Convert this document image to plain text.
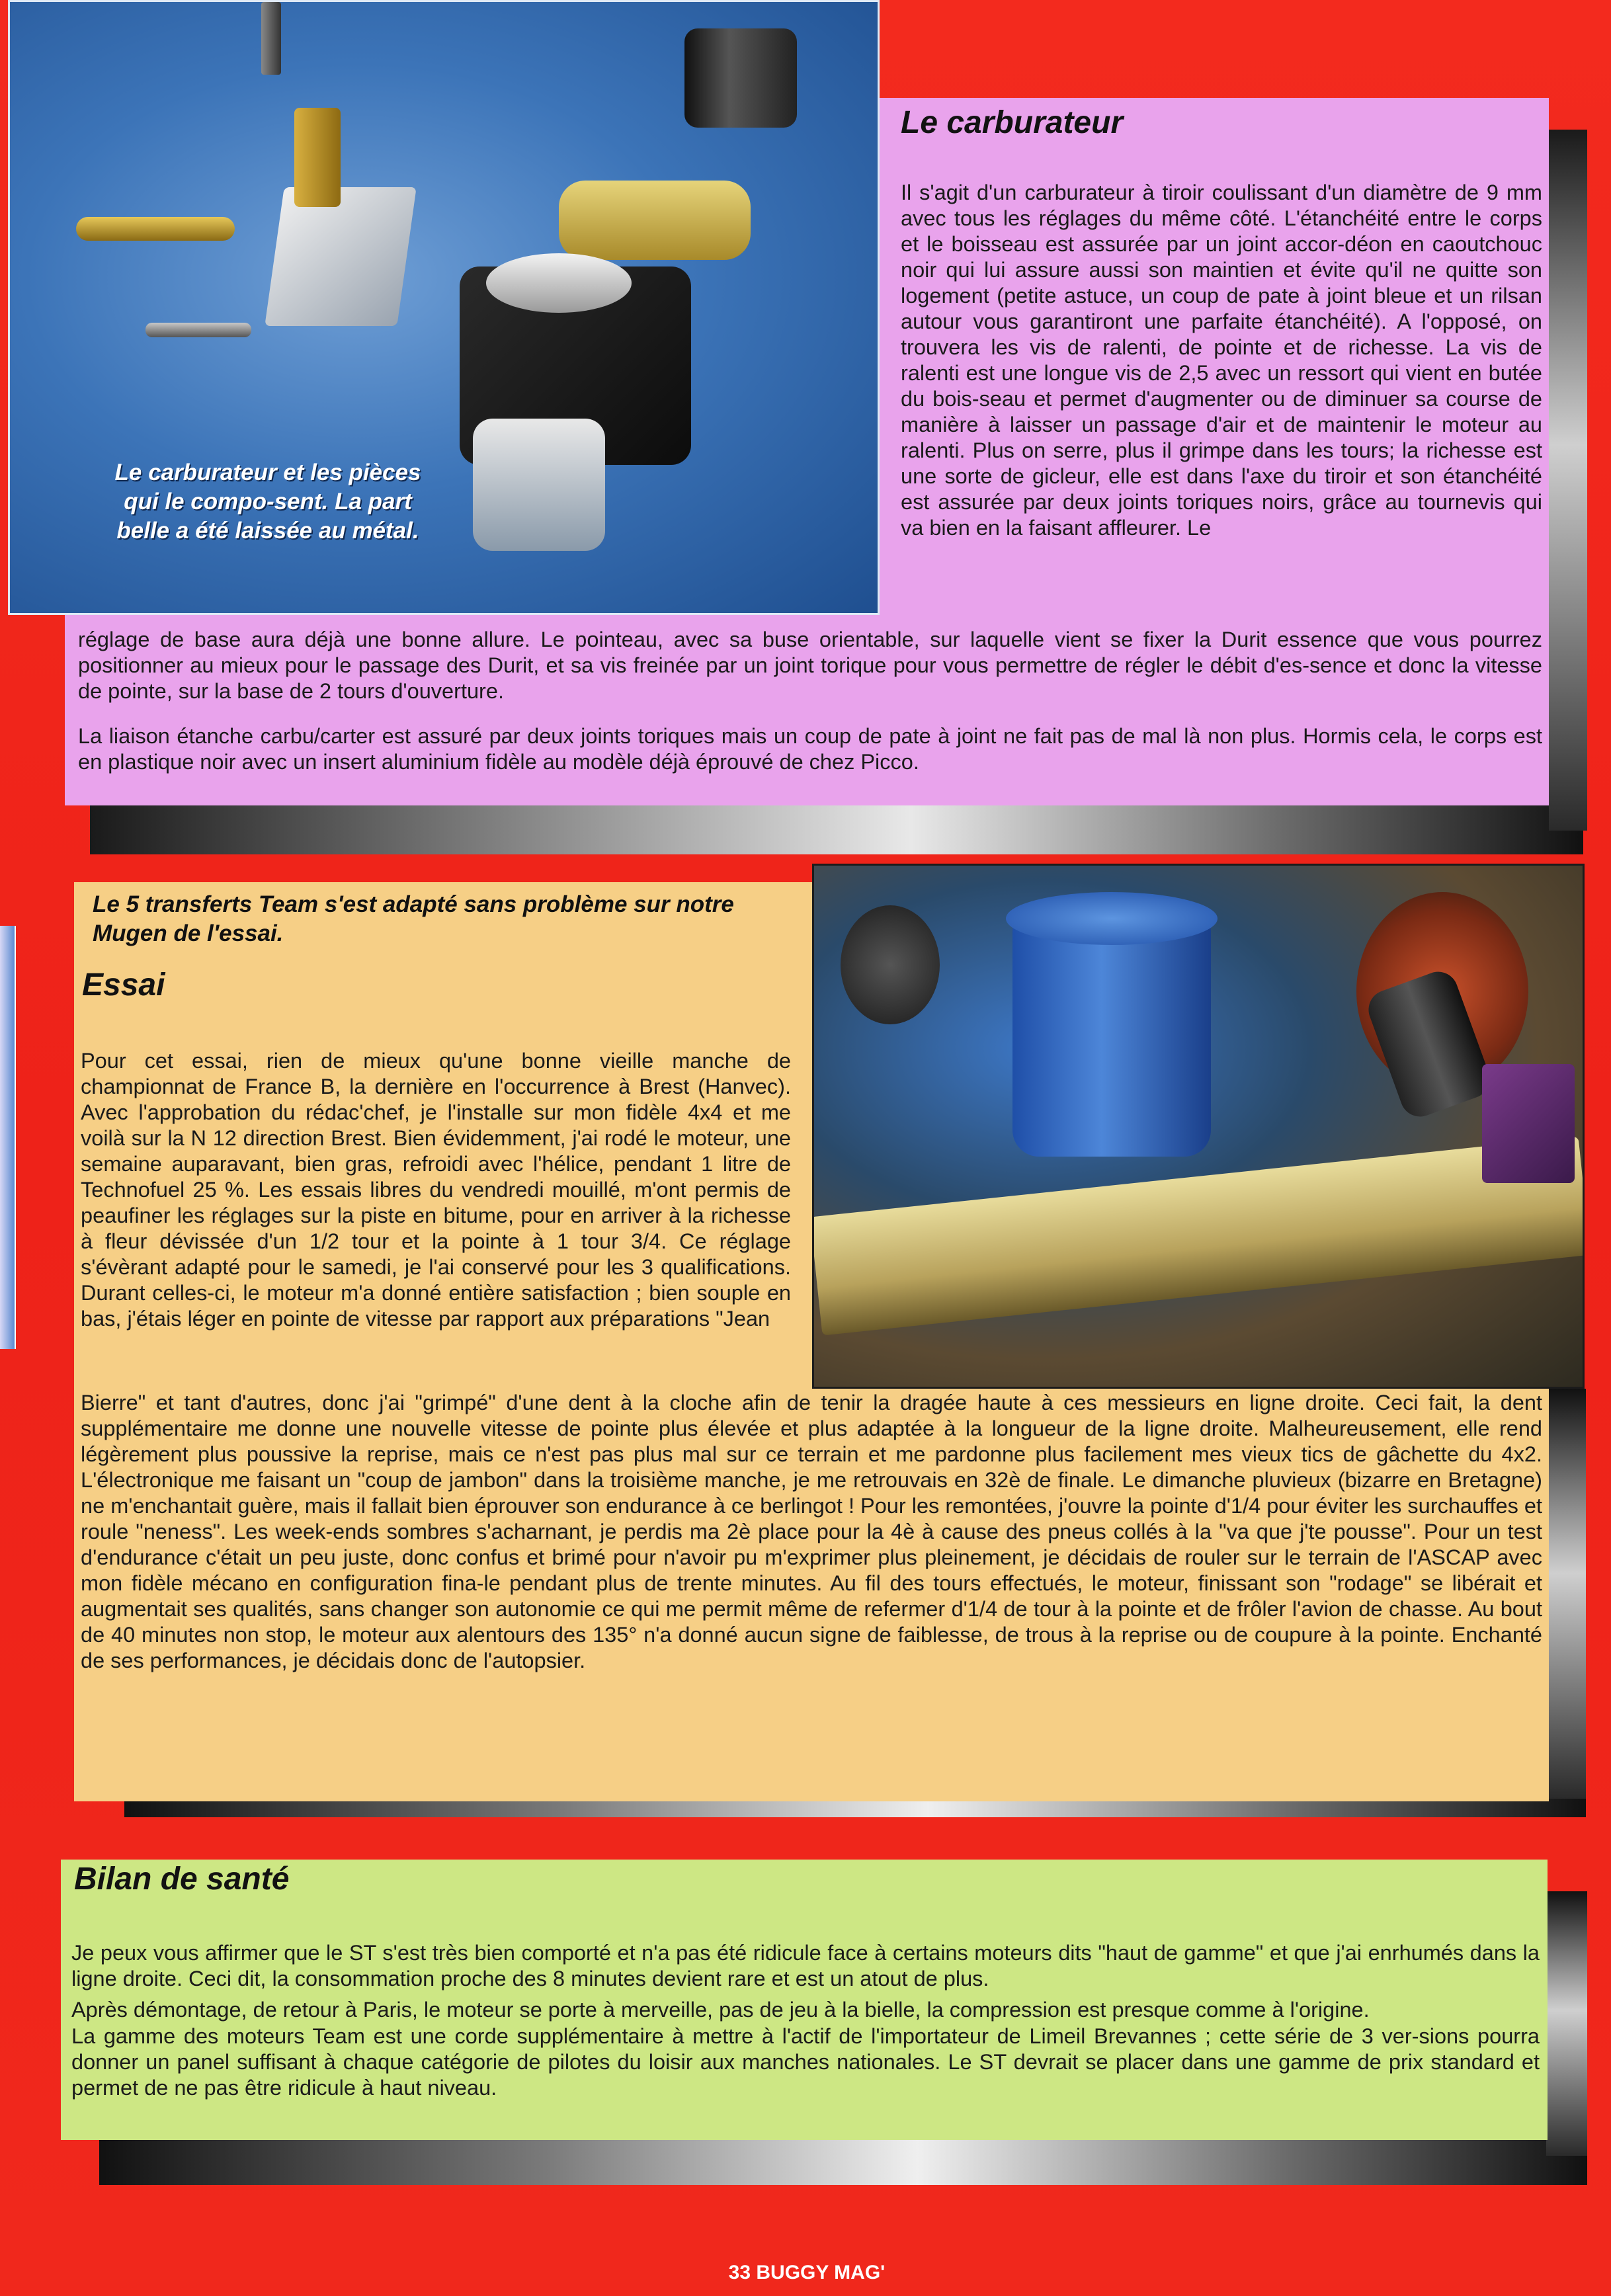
Le carburateur et les pièces qui le compo-sent. La part belle a été laissée au métal.
Le carburateur
Il s'agit d'un carburateur à tiroir coulissant d'un diamètre de 9 mm avec tous les réglages du même côté. L'étanchéité entre le corps et le boisseau est assurée par un joint accor-déon en caoutchouc noir qui lui assure aussi son maintien et évite qu'il ne quitte son logement (petite astuce, un coup de pate à joint bleue et un rilsan autour vous garantiront une parfaite étanchéité). A l'opposé, on trouvera les vis de ralenti, de pointe et de richesse. La vis de ralenti est une longue vis de 2,5 avec un ressort qui vient en butée du bois-seau et permet d'augmenter ou de diminuer sa course de manière à laisser un passage d'air et de maintenir le moteur au ralenti. Plus on serre, plus il grimpe dans les tours; la richesse est une sorte de gicleur, elle est dans l'axe du tiroir et son étanchéité est assurée par deux joints toriques noirs, grâce au tournevis qui va bien en la faisant affleurer. Le
réglage de base aura déjà une bonne allure. Le pointeau, avec sa buse orientable, sur laquelle vient se fixer la Durit essence que vous pourrez positionner au mieux pour le passage des Durit, et sa vis freinée par un joint torique pour vous permettre de régler le débit d'es-sence et donc la vitesse de pointe, sur la base de 2 tours d'ouverture.
La liaison étanche carbu/carter est assuré par deux joints toriques mais un coup de pate à joint ne fait pas de mal là non plus. Hormis cela, le corps est en plastique noir avec un insert aluminium fidèle au modèle déjà éprouvé de chez Picco.
Le 5 transferts Team s'est adapté sans problème sur notre Mugen de l'essai.
Essai
Pour cet essai, rien de mieux qu'une bonne vieille manche de championnat de France B, la dernière en l'occurrence à Brest (Hanvec). Avec l'approbation du rédac'chef, je l'installe sur mon fidèle 4x4 et me voilà sur la N 12 direction Brest. Bien évidemment, j'ai rodé le moteur, une semaine auparavant, bien gras, refroidi avec l'hélice, pendant 1 litre de Technofuel 25 %. Les essais libres du vendredi mouillé, m'ont permis de peaufiner les réglages sur la piste en bitume, pour en arriver à la richesse à fleur dévissée d'un 1/2 tour et la pointe à 1 tour 3/4. Ce réglage s'évèrant adapté pour le samedi, je l'ai conservé pour les 3 qualifications. Durant celles-ci, le moteur m'a donné entière satisfaction ; bien souple en bas, j'étais léger en pointe de vitesse par rapport aux préparations "Jean
Bierre" et tant d'autres, donc j'ai "grimpé" d'une dent à la cloche afin de tenir la dragée haute à ces messieurs en ligne droite. Ceci fait, la dent supplémentaire me donne une nouvelle vitesse de pointe plus élevée et plus adaptée à la longueur de la ligne droite. Malheureusement, elle rend légèrement plus poussive la reprise, mais ce n'est pas plus mal sur ce terrain et me pardonne plus facilement mes vieux tics de gâchette du 4x2. L'électronique me faisant un "coup de jambon" dans la troisième manche, je me retrouvais en 32è de finale. Le dimanche pluvieux (bizarre en Bretagne) ne m'enchantait guère, mais il fallait bien éprouver son endurance à ce berlingot ! Pour les remontées, j'ouvre la pointe d'1/4 pour éviter les surchauffes et roule "neness". Les week-ends sombres s'acharnant, je perdis ma 2è place pour la 4è à cause des pneus collés à la "va que j'te pousse". Pour un test d'endurance c'était un peu juste, donc confus et brimé pour n'avoir pu m'exprimer plus pleinement, je décidais de rouler sur le terrain de l'ASCAP avec mon fidèle mécano en configuration fina-le pendant plus de trente minutes. Au fil des tours effectués, le moteur, finissant son "rodage" se libérait et augmentait ses qualités, sans changer son autonomie ce qui me permit même de refermer d'1/4 de tour à la pointe et de frôler l'avion de chasse. Au bout de 40 minutes non stop, le moteur aux alentours des 135° n'a donné aucun signe de faiblesse, de trous à la reprise ou de coupure à la pointe. Enchanté de ses performances, je décidais donc de l'autopsier.
Bilan de santé
Je peux vous affirmer que le ST s'est très bien comporté et n'a pas été ridicule face à certains moteurs dits "haut de gamme" et que j'ai enrhumés dans la ligne droite. Ceci dit, la consommation proche des 8 minutes devient rare et est un atout de plus.
Après démontage, de retour à Paris, le moteur se porte à merveille, pas de jeu à la bielle, la compression est presque comme à l'origine.
La gamme des moteurs Team est une corde supplémentaire à mettre à l'actif de l'importateur de Limeil Brevannes ; cette série de 3 ver-sions pourra donner un panel suffisant à chaque catégorie de pilotes du loisir aux manches nationales. Le ST devrait se placer dans une gamme de prix standard et permet de ne pas être ridicule à haut niveau.
33 BUGGY MAG'
